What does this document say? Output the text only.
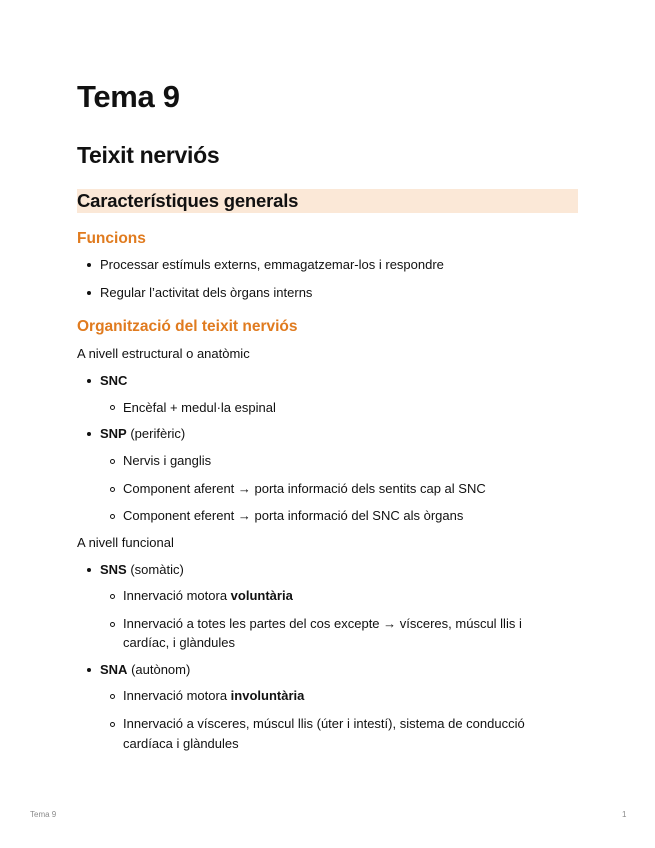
Tema 9
Teixit nerviós
Característiques generals
Funcions
Processar estímuls externs, emmagatzemar-los i respondre
Regular l’activitat dels òrgans interns
Organització del teixit nerviós
A nivell estructural o anatòmic
SNC
Encèfal + medul·la espinal
SNP (perifèric)
Nervis i ganglis
Component aferent → porta informació dels sentits cap al SNC
Component eferent → porta informació del SNC als òrgans
A nivell funcional
SNS (somàtic)
Innervació motora voluntària
Innervació a totes les partes del cos excepte → vísceres, múscul llis i
cardíac, i glàndules
SNA (autònom)
Innervació motora involuntària
Innervació a vísceres, múscul llis (úter i intestí), sistema de conducció
cardíaca i glàndules
Tema 9	1
